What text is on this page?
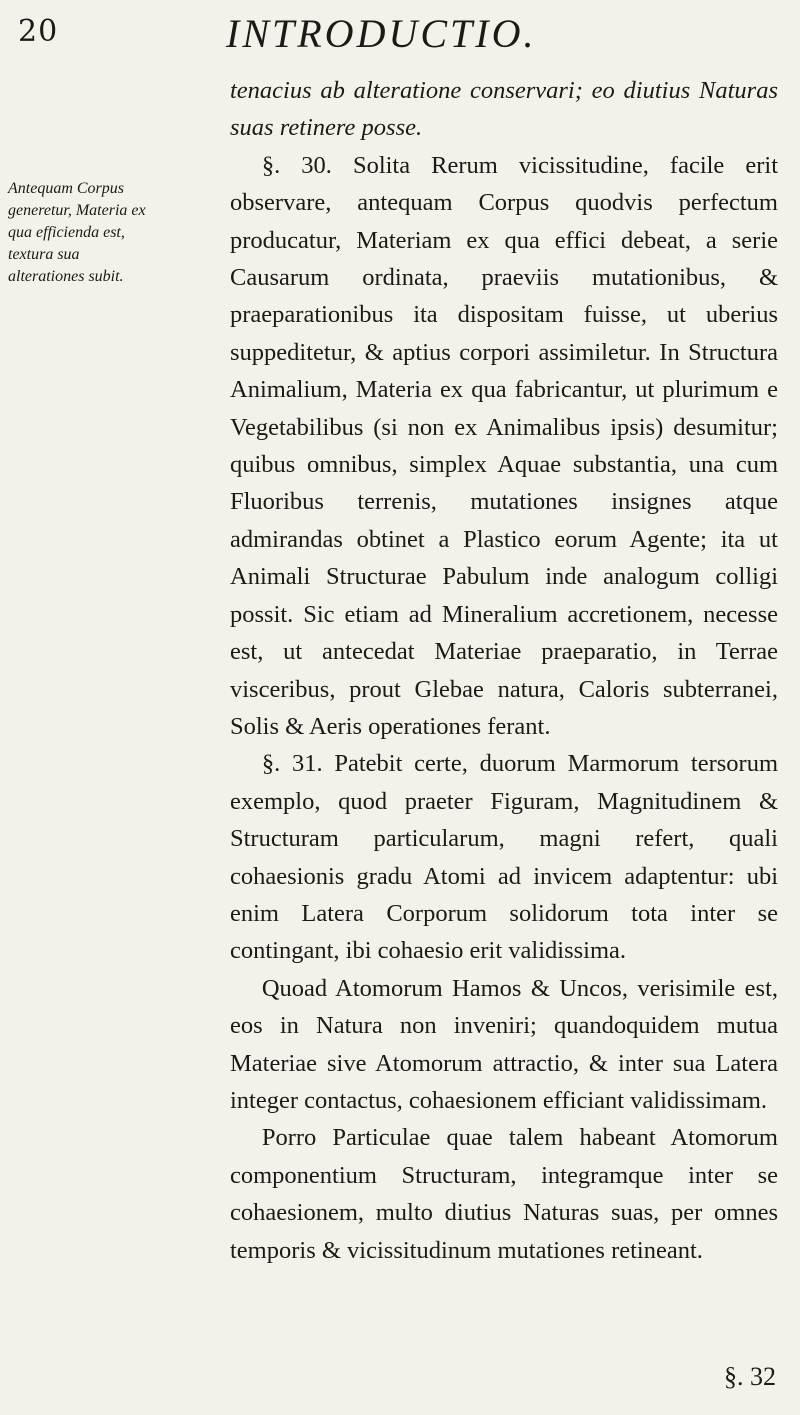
20	INTRODUCTIO.
Antequam Corpus generetur, Materia ex qua efficienda est, textura sua alterationes subit.

tenacius ab alteratione conservari; eo diutius Naturas suas retinere posse.

§. 30. Solita Rerum vicissitudine, facile erit observare, antequam Corpus quodvis perfectum producatur, Materiam ex qua effici debeat, a serie Causarum ordinata, praeviis mutationibus, & praeparationibus ita dispositam fuisse, ut uberius suppeditetur, & aptius corpori assimiletur. In Structura Animalium, Materia ex qua fabricantur, ut plurimum e Vegetabilibus (si non ex Animalibus ipsis) desumitur; quibus omnibus, simplex Aquae substantia, una cum Fluoribus terrenis, mutationes insignes atque admirandas obtinet a Plastico eorum Agente; ita ut Animali Structurae Pabulum inde analogum colligi possit. Sic etiam ad Mineralium accretionem, necesse est, ut antecedat Materiae praeparatio, in Terrae visceribus, prout Glebae natura, Caloris subterranei, Solis & Aeris operationes ferant.

§. 31. Patebit certe, duorum Marmorum tersorum exemplo, quod praeter Figuram, Magnitudinem & Structuram particularum, magni refert, quali cohaesionis gradu Atomi ad invicem adaptentur: ubi enim Latera Corporum solidorum tota inter se contingant, ibi cohaesio erit validissima.

Quoad Atomorum Hamos & Uncos, verisimile est, eos in Natura non inveniri; quandoquidem mutua Materiae sive Atomorum attractio, & inter sua Latera integer contactus, cohaesionem efficiant validissimam.

Porro Particulae quae talem habeant Atomorum componentium Structuram, integramque inter se cohaesionem, multo diutius Naturas suas, per omnes temporis & vicissitudinum mutationes retineant.

§. 32
